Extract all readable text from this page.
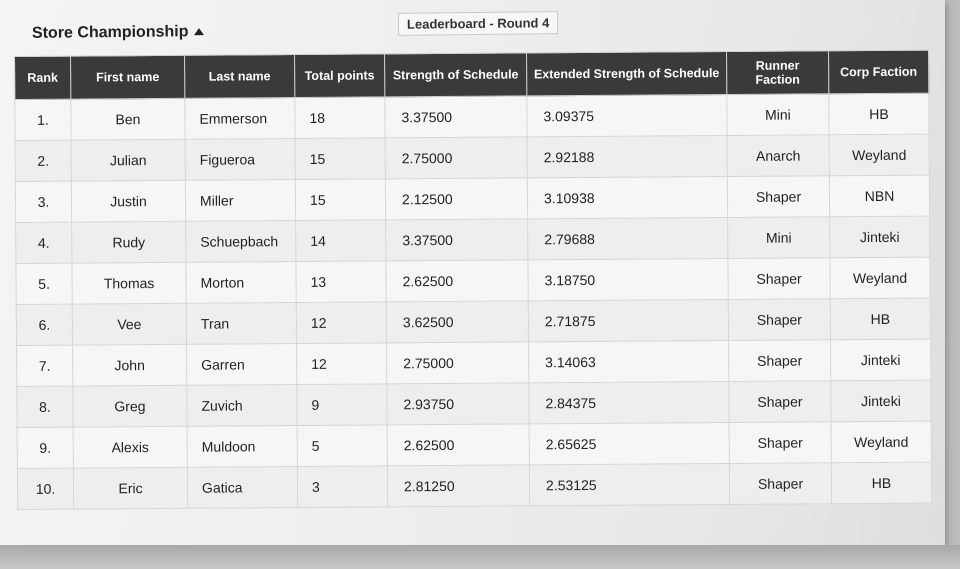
Leaderboard - Round 4
Store Championship
Rank	First name	Last name	Total points	Strength of Schedule	Extended Strength of Schedule	Runner Faction	Corp Faction
1.	Ben	Emmerson	18	3.37500	3.09375	Mini	HB
2.	Julian	Figueroa	15	2.75000	2.92188	Anarch	Weyland
3.	Justin	Miller	15	2.12500	3.10938	Shaper	NBN
4.	Rudy	Schuepbach	14	3.37500	2.79688	Mini	Jinteki
5.	Thomas	Morton	13	2.62500	3.18750	Shaper	Weyland
6.	Vee	Tran	12	3.62500	2.71875	Shaper	HB
7.	John	Garren	12	2.75000	3.14063	Shaper	Jinteki
8.	Greg	Zuvich	9	2.93750	2.84375	Shaper	Jinteki
9.	Alexis	Muldoon	5	2.62500	2.65625	Shaper	Weyland
10.	Eric	Gatica	3	2.81250	2.53125	Shaper	HB
